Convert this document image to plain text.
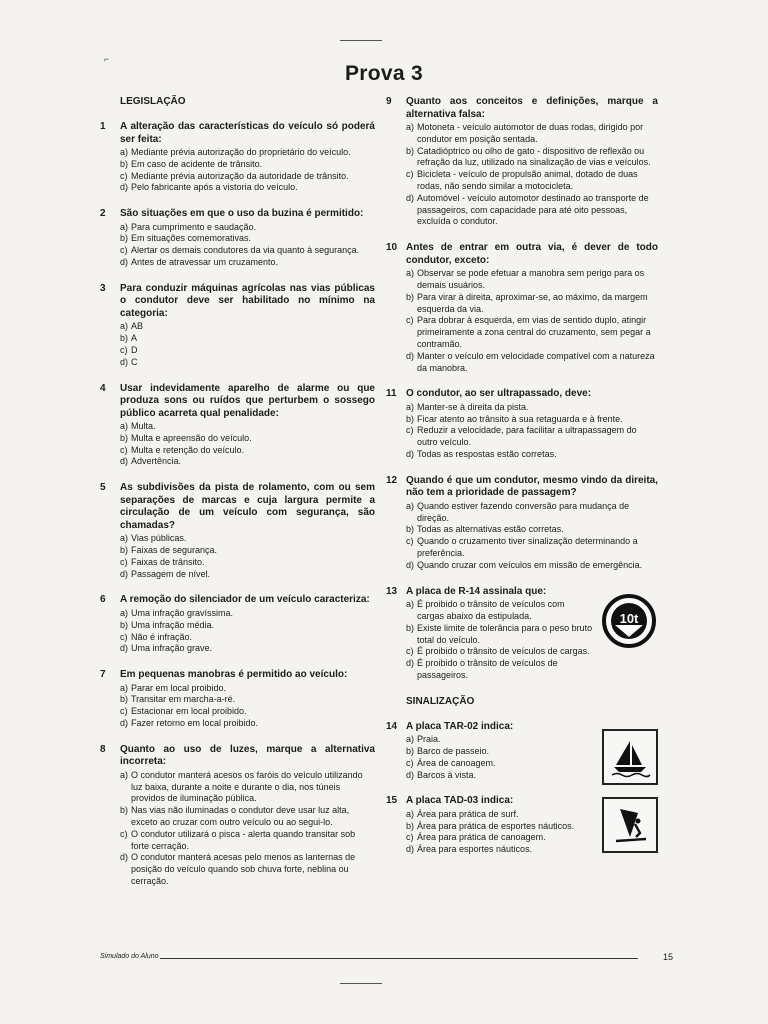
⌐
Prova 3
LEGISLAÇÃO
1	A alteração das características do veículo só poderá ser feita:
a) Mediante prévia autorização do proprietário do veículo.
b) Em caso de acidente de trânsito.
c) Mediante prévia autorização da autoridade de trânsito.
d) Pelo fabricante após a vistoria do veículo.
2	São situações em que o uso da buzina é permitido:
a) Para cumprimento e saudação.
b) Em situações comemorativas.
c) Alertar os demais condutores da via quanto à segurança.
d) Antes de atravessar um cruzamento.
3	Para conduzir máquinas agrícolas nas vias públicas o condutor deve ser habilitado no mínimo na categoria:
a) AB
b) A
c) D
d) C
4	Usar indevidamente aparelho de alarme ou que produza sons ou ruídos que perturbem o sossego público acarreta qual penalidade:
a) Multa.
b) Multa e apreensão do veículo.
c) Multa e retenção do veículo.
d) Advertência.
5	As subdivisões da pista de rolamento, com ou sem separações de marcas e cuja largura permite a circulação de um veículo com segurança, são chamadas?
a) Vias públicas.
b) Faixas de segurança.
c) Faixas de trânsito.
d) Passagem de nível.
6	A remoção do silenciador de um veículo caracteriza:
a) Uma infração gravíssima.
b) Uma infração média.
c) Não é infração.
d) Uma infração grave.
7	Em pequenas manobras é permitido ao veículo:
a) Parar em local proibido.
b) Transitar em marcha-a-ré.
c) Estacionar em local proibido.
d) Fazer retorno em local proibido.
8	Quanto ao uso de luzes, marque a alternativa incorreta:
a) O condutor manterá acesos os faróis do veículo utilizando luz baixa, durante a noite e durante o dia, nos túneis providos de iluminação pública.
b) Nas vias não iluminadas o condutor deve usar luz alta, exceto ao cruzar com outro veículo ou ao segui-lo.
c) O condutor utilizará o pisca - alerta quando transitar sob forte cerração.
d) O condutor manterá acesas pelo menos as lanternas de posição do veículo quando sob chuva forte, neblina ou cerração.
9	Quanto aos conceitos e definições, marque a alternativa falsa:
a) Motoneta - veículo automotor de duas rodas, dirigido por condutor em posição sentada.
b) Catadióptrico ou olho de gato - dispositivo de reflexão ou refração da luz, utilizado na sinalização de vias e veículos.
c) Bicicleta - veículo de propulsão animal, dotado de duas rodas, não sendo similar a motocicleta.
d) Automóvel - veículo automotor destinado ao transporte de passageiros, com capacidade para até oito pessoas, excluída o condutor.
10 Antes de entrar em outra via, é dever de todo condutor, exceto:
a) Observar se pode efetuar a manobra sem perigo para os demais usuários.
b) Para virar à direita, aproximar-se, ao máximo, da margem esquerda da via.
c) Para dobrar à esquerda, em vias de sentido duplo, atingir primeiramente a zona central do cruzamento, sem pegar a contramão.
d) Manter o veículo em velocidade compatível com a natureza da manobra.
11 O condutor, ao ser ultrapassado, deve:
a) Manter-se à direita da pista.
b) Ficar atento ao trânsito à sua retaguarda e à frente.
c) Reduzir a velocidade, para facilitar a ultrapassagem do outro veículo.
d) Todas as respostas estão corretas.
12 Quando é que um condutor, mesmo vindo da direita, não tem a prioridade de passagem?
a) Quando estiver fazendo conversão para mudança de direção.
b) Todas as alternativas estão corretas.
c) Quando o cruzamento tiver sinalização determinando a preferência.
d) Quando cruzar com veículos em missão de emergência.
13 A placa de R-14 assinala que:
a) É proibido o trânsito de veículos com cargas abaixo da estipulada.
b) Existe limite de tolerância para o peso bruto total do veículo.
c) É proibido o trânsito de veículos de cargas.
d) É proibido o trânsito de veículos de passageiros.
10t
SINALIZAÇÃO
14 A placa TAR-02 indica:
a) Praia.
b) Barco de passeio.
c) Área de canoagem.
d) Barcos à vista.
15 A placa TAD-03 indica:
a) Área para prática de surf.
b) Área para prática de esportes náuticos.
c) Área para prática de canoagem.
d) Área para esportes náuticos.
Simulado do Aluno	15
